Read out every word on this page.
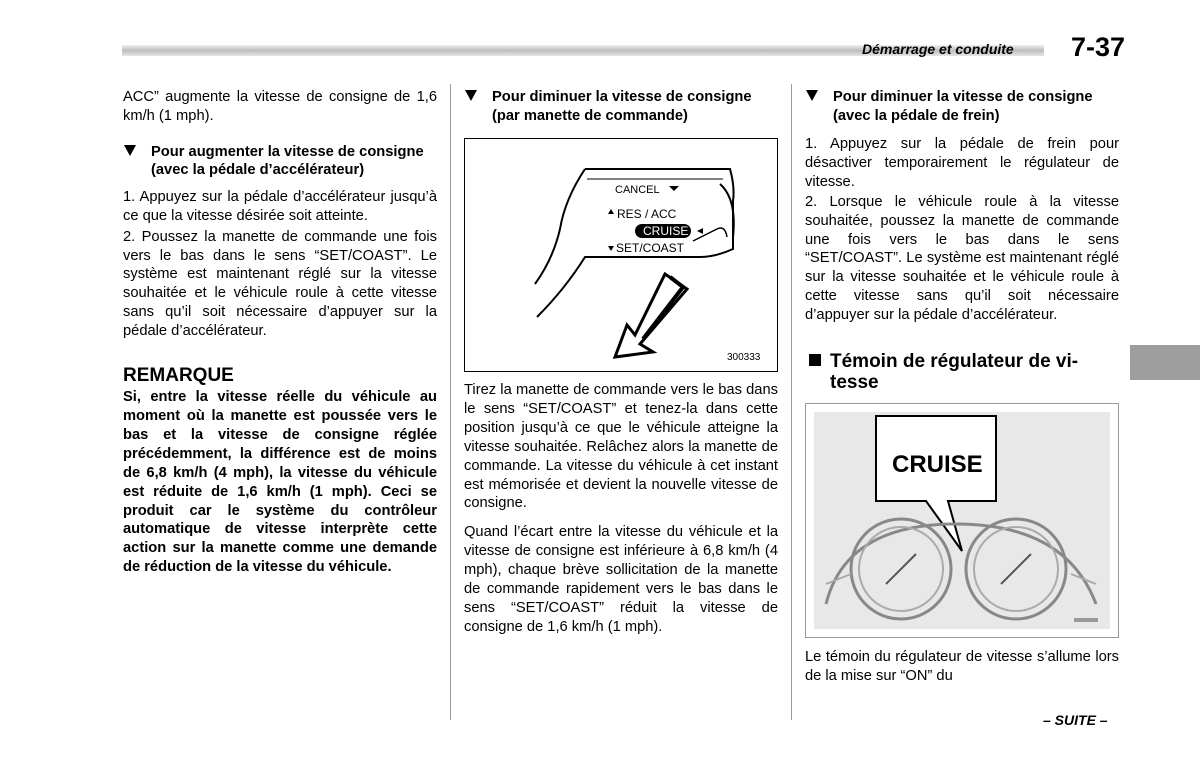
Démarrage et conduite 7-37

ACC” augmente la vitesse de consigne de 1,6 km/h (1 mph).

Pour augmenter la vitesse de consigne (avec la pédale d’accélérateur)

1. Appuyez sur la pédale d’accélérateur jusqu’à ce que la vitesse désirée soit atteinte.

2. Poussez la manette de commande une fois vers le bas dans le sens “SET/COAST”. Le système est maintenant réglé sur la vitesse souhaitée et le véhicule roule à cette vitesse sans qu’il soit nécessaire d’appuyer sur la pédale d’accélérateur.

REMARQUE

Si, entre la vitesse réelle du véhicule au moment où la manette est poussée vers le bas et la vitesse de consigne réglée précédemment, la différence est de moins de 6,8 km/h (4 mph), la vitesse du véhicule est réduite de 1,6 km/h (1 mph). Ceci se produit car le système du contrôleur automatique de vitesse interprète cette action sur la manette comme une demande de réduction de la vitesse du véhicule.

Pour diminuer la vitesse de consigne (par manette de commande)
CANCEL
RES / ACC
CRUISE
SET/COAST
300333

Tirez la manette de commande vers le bas dans le sens “SET/COAST” et tenez-la dans cette position jusqu’à ce que le véhicule atteigne la vitesse souhaitée. Relâchez alors la manette de commande. La vitesse du véhicule à cet instant est mémorisée et devient la nouvelle vitesse de consigne.

Quand l’écart entre la vitesse du véhicule et la vitesse de consigne est inférieure à 6,8 km/h (4 mph), chaque brève sollicitation de la manette de commande rapidement vers le bas dans le sens “SET/COAST” réduit la vitesse de consigne de 1,6 km/h (1 mph).

Pour diminuer la vitesse de consigne (avec la pédale de frein)

1. Appuyez sur la pédale de frein pour désactiver temporairement le régulateur de vitesse.

2. Lorsque le véhicule roule à la vitesse souhaitée, poussez la manette de commande une fois vers le bas dans le sens “SET/COAST”. Le système est maintenant réglé sur la vitesse souhaitée et le véhicule roule à cette vitesse sans qu’il soit nécessaire d’appuyer sur la pédale d’accélérateur.

Témoin de régulateur de vitesse
CRUISE

Le témoin du régulateur de vitesse s’allume lors de la mise sur “ON” du

– SUITE –
